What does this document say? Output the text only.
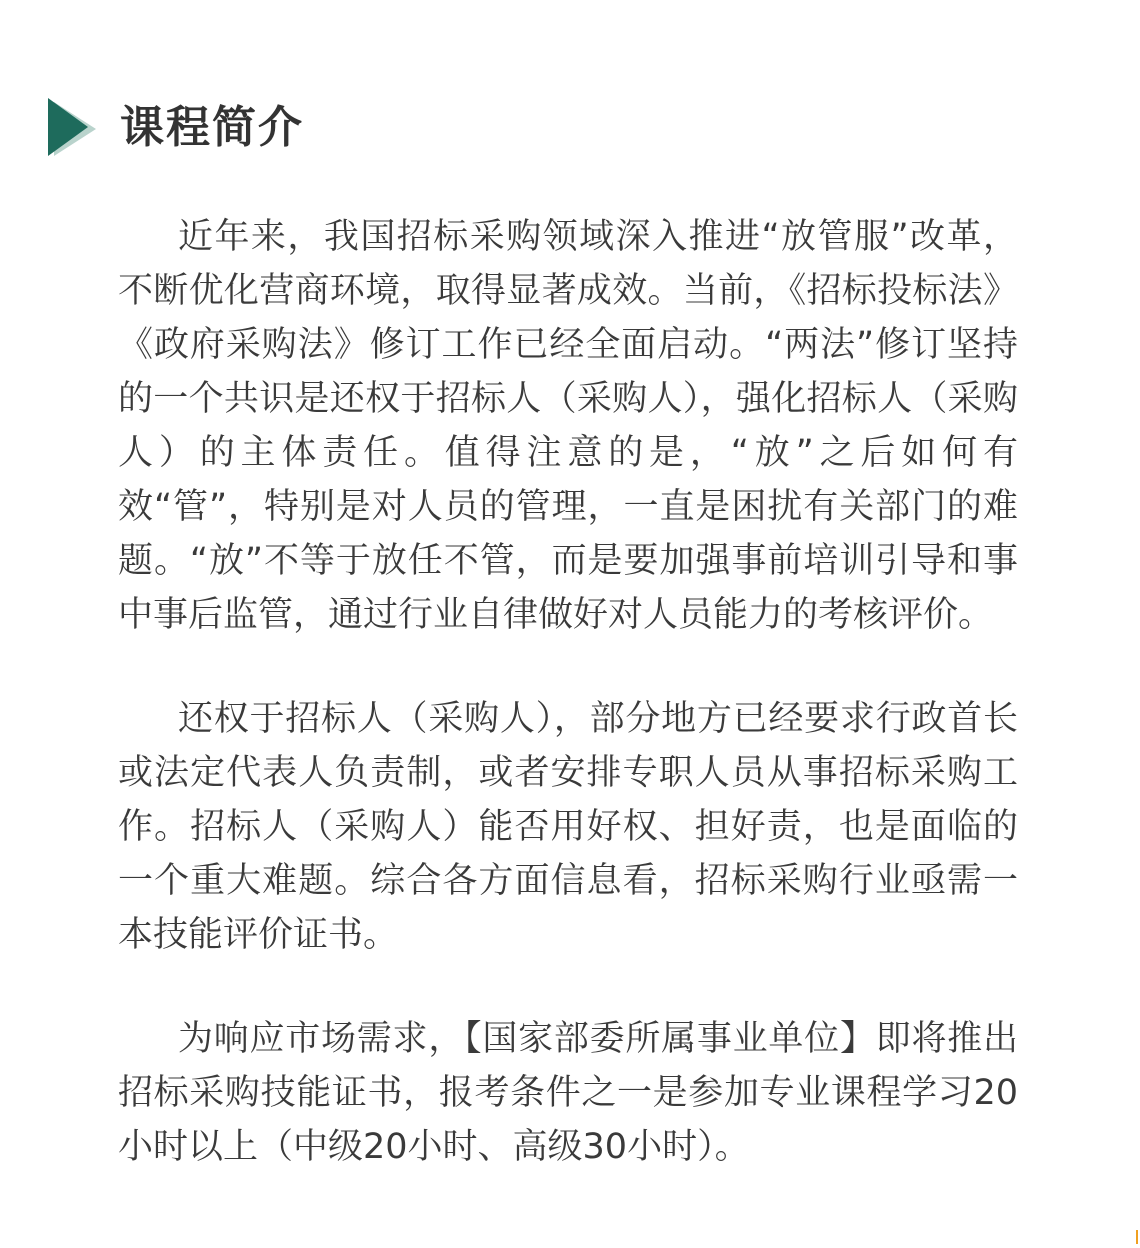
课程简介

近年来，我国招标采购领域深入推进“放管服”改革，不断优化营商环境，取得显著成效。当前，《招标投标法》《政府采购法》修订工作已经全面启动。“两法”修订坚持的一个共识是还权于招标人（采购人），强化招标人（采购人）的主体责任。值得注意的是，“放”之后如何有效“管”，特别是对人员的管理，一直是困扰有关部门的难题。“放”不等于放任不管，而是要加强事前培训引导和事中事后监管，通过行业自律做好对人员能力的考核评价。

还权于招标人（采购人），部分地方已经要求行政首长或法定代表人负责制，或者安排专职人员从事招标采购工作。招标人（采购人）能否用好权、担好责，也是面临的一个重大难题。综合各方面信息看，招标采购行业亟需一本技能评价证书。

为响应市场需求，【国家部委所属事业单位】即将推出招标采购技能证书，报考条件之一是参加专业课程学习20小时以上（中级20小时、高级30小时）。
